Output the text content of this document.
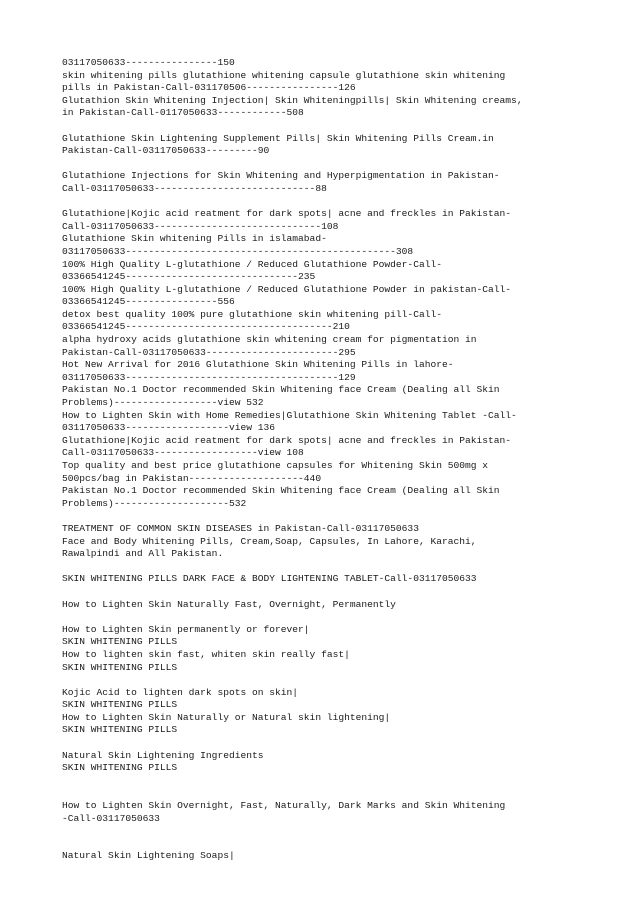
03117050633----------------150
skin whitening pills glutathione whitening capsule glutathione skin whitening
pills in Pakistan-Call-031170506----------------126
Glutathion Skin Whitening Injection| Skin Whiteningpills| Skin Whitening creams,
in Pakistan-Call-0117050633------------508
Glutathione Skin Lightening Supplement Pills| Skin Whitening Pills Cream.in
Pakistan-Call-03117050633---------90
Glutathione Injections for Skin Whitening and Hyperpigmentation in Pakistan-
Call-03117050633----------------------------88
Glutathione|Kojic acid reatment for dark spots| acne and freckles in Pakistan-
Call-03117050633-----------------------------108
Glutathione Skin whitening Pills in islamabad-
03117050633-----------------------------------------------308
100% High Quality L-glutathione / Reduced Glutathione Powder-Call-
03366541245------------------------------235
100% High Quality L-glutathione / Reduced Glutathione Powder in pakistan-Call-
03366541245----------------556
detox best quality 100% pure glutathione skin whitening pill-Call-
03366541245------------------------------------210
alpha hydroxy acids glutathione skin whitening cream for pigmentation in
Pakistan-Call-03117050633-----------------------295
Hot New Arrival for 2016 Glutathione Skin Whitening Pills in lahore-
03117050633-------------------------------------129
Pakistan No.1 Doctor recommended Skin Whitening face Cream (Dealing all Skin
Problems)------------------view 532
How to Lighten Skin with Home Remedies|Glutathione Skin Whitening Tablet -Call-
03117050633------------------view 136
Glutathione|Kojic acid reatment for dark spots| acne and freckles in Pakistan-
Call-03117050633------------------view 108
Top quality and best price glutathione capsules for Whitening Skin 500mg x
500pcs/bag in Pakistan--------------------440
Pakistan No.1 Doctor recommended Skin Whitening face Cream (Dealing all Skin
Problems)--------------------532
TREATMENT OF COMMON SKIN DISEASES in Pakistan-Call-03117050633
Face and Body Whitening Pills, Cream,Soap, Capsules, In Lahore, Karachi,
Rawalpindi and All Pakistan.
SKIN WHITENING PILLS DARK FACE & BODY LIGHTENING TABLET-Call-03117050633
How to Lighten Skin Naturally Fast, Overnight, Permanently
How to Lighten Skin permanently or forever|
SKIN WHITENING PILLS
How to lighten skin fast, whiten skin really fast|
SKIN WHITENING PILLS
Kojic Acid to lighten dark spots on skin|
SKIN WHITENING PILLS
How to Lighten Skin Naturally or Natural skin lightening|
SKIN WHITENING PILLS
Natural Skin Lightening Ingredients
SKIN WHITENING PILLS
How to Lighten Skin Overnight, Fast, Naturally, Dark Marks and Skin Whitening
-Call-03117050633
Natural Skin Lightening Soaps|
